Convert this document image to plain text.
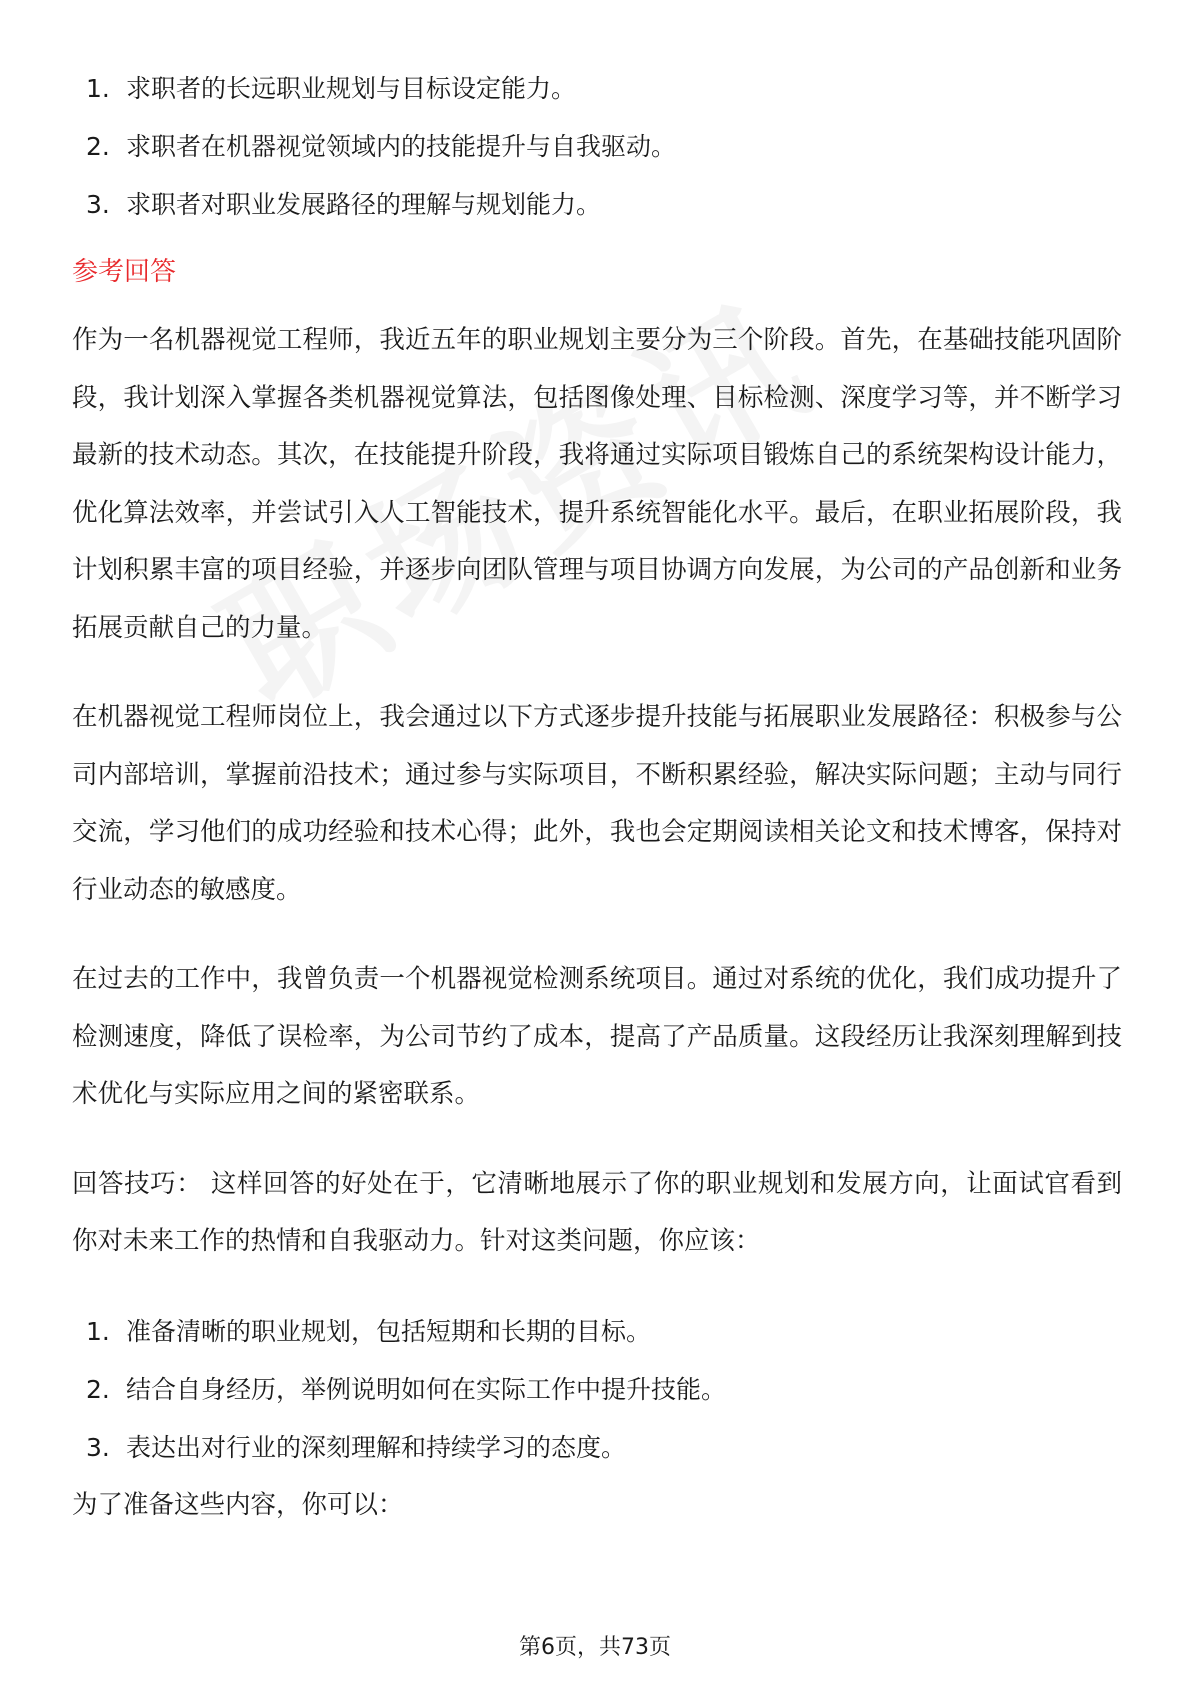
1. 求职者的长远职业规划与目标设定能力。
2. 求职者在机器视觉领域内的技能提升与自我驱动。
3. 求职者对职业发展路径的理解与规划能力。
参考回答

作为一名机器视觉工程师，我近五年的职业规划主要分为三个阶段。首先，在基础技能巩固阶段，我计划深入掌握各类机器视觉算法，包括图像处理、目标检测、深度学习等，并不断学习最新的技术动态。其次，在技能提升阶段，我将通过实际项目锻炼自己的系统架构设计能力，优化算法效率，并尝试引入人工智能技术，提升系统智能化水平。最后，在职业拓展阶段，我计划积累丰富的项目经验，并逐步向团队管理与项目协调方向发展，为公司的产品创新和业务拓展贡献自己的力量。

在机器视觉工程师岗位上，我会通过以下方式逐步提升技能与拓展职业发展路径：积极参与公司内部培训，掌握前沿技术；通过参与实际项目，不断积累经验，解决实际问题；主动与同行交流，学习他们的成功经验和技术心得；此外，我也会定期阅读相关论文和技术博客，保持对行业动态的敏感度。

在过去的工作中，我曾负责一个机器视觉检测系统项目。通过对系统的优化，我们成功提升了检测速度，降低了误检率，为公司节约了成本，提高了产品质量。这段经历让我深刻理解到技术优化与实际应用之间的紧密联系。

回答技巧： 这样回答的好处在于，它清晰地展示了你的职业规划和发展方向，让面试官看到你对未来工作的热情和自我驱动力。针对这类问题，你应该：

1. 准备清晰的职业规划，包括短期和长期的目标。
2. 结合自身经历，举例说明如何在实际工作中提升技能。
3. 表达出对行业的深刻理解和持续学习的态度。

为了准备这些内容，你可以：

第6页，共73页
